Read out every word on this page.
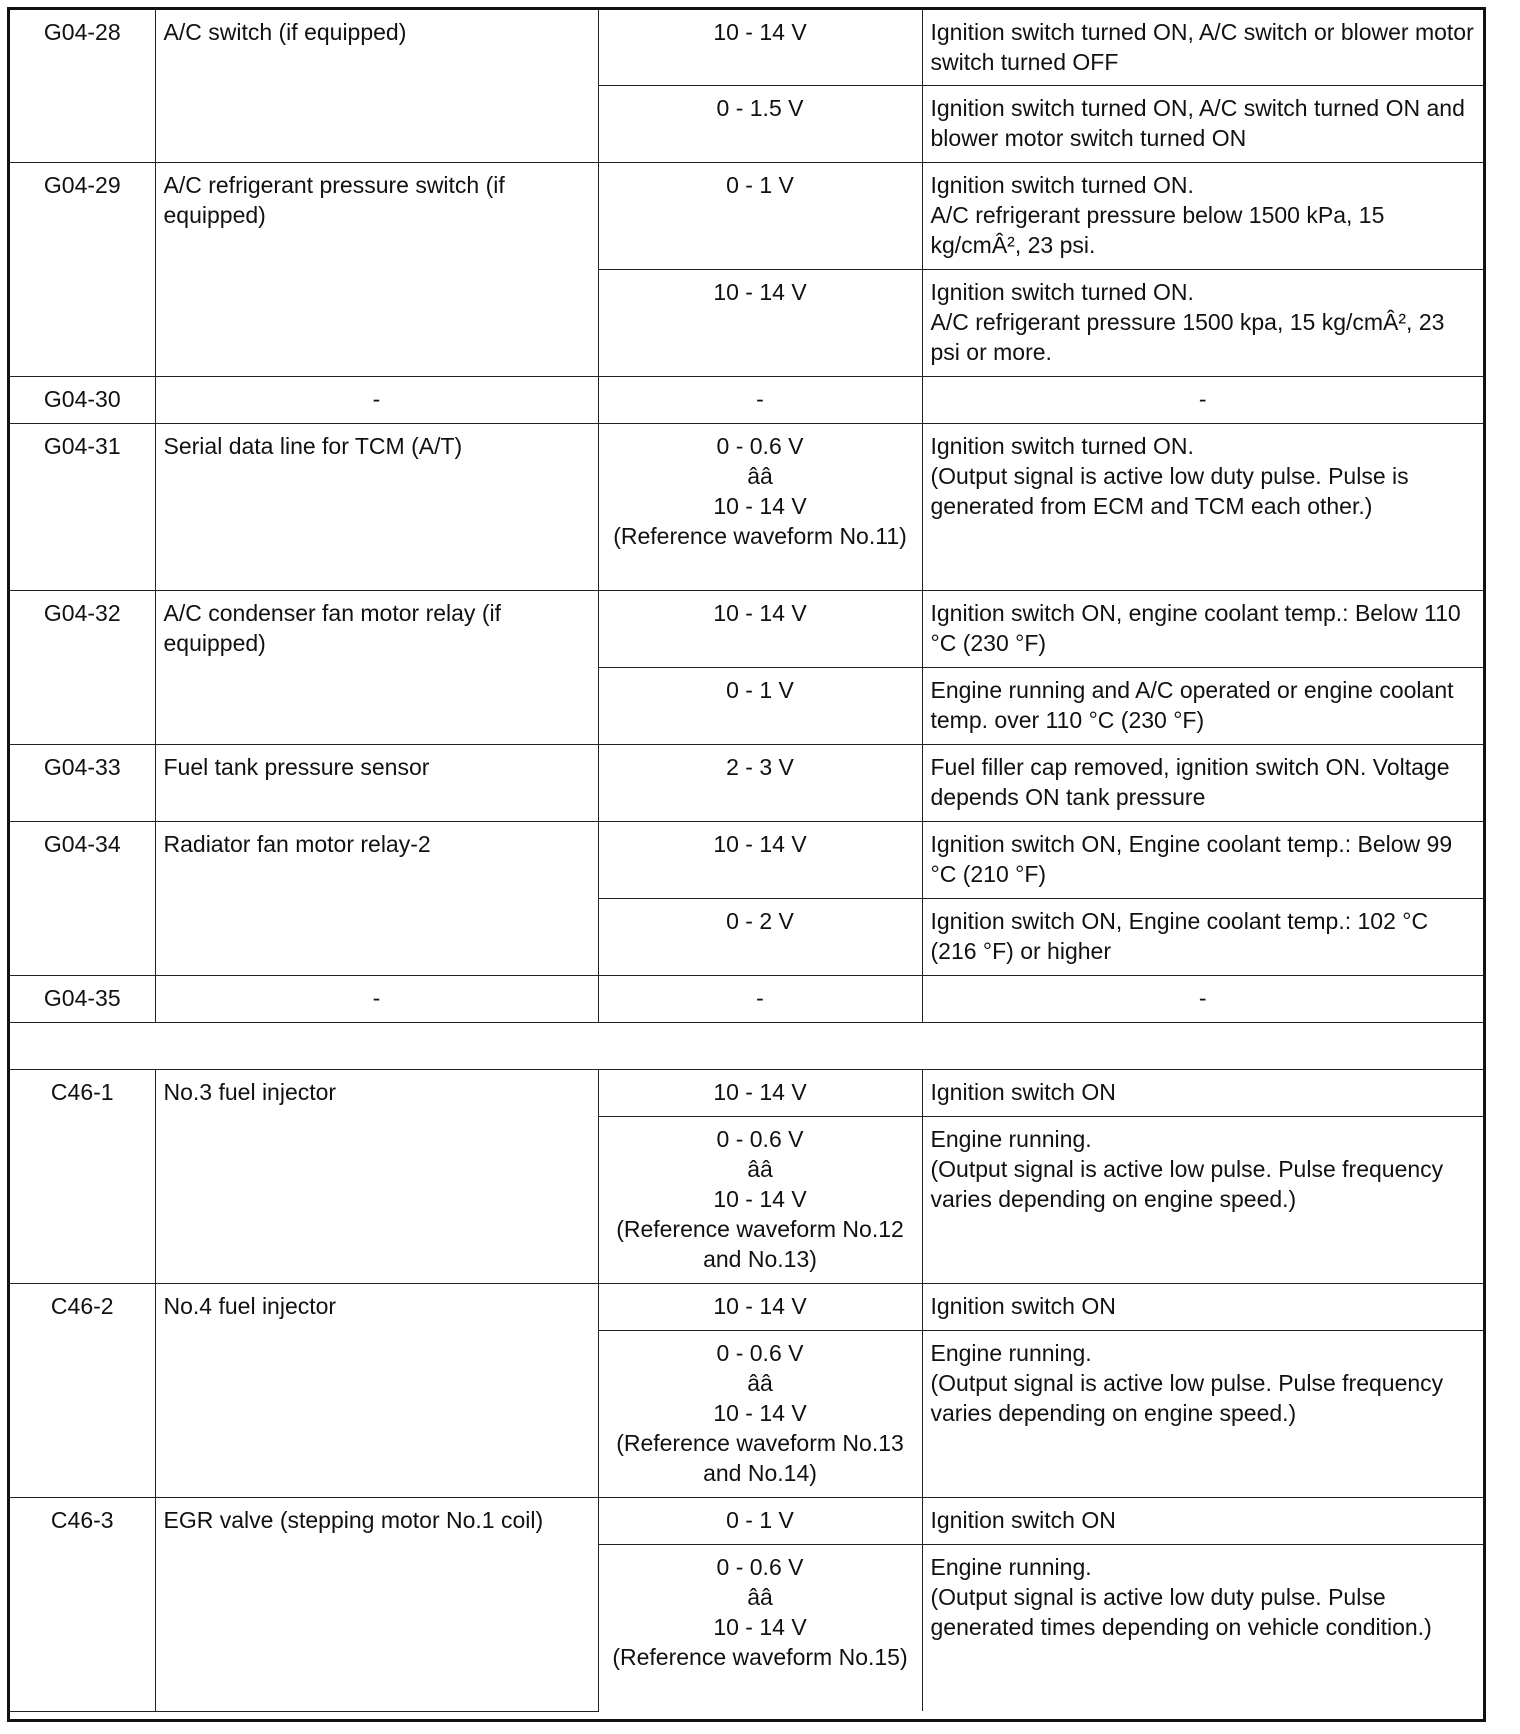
G04-28	A/C switch (if equipped)	10 - 14 V	Ignition switch turned ON, A/C switch or blower motor switch turned OFF
		0 - 1.5 V	Ignition switch turned ON, A/C switch turned ON and blower motor switch turned ON
G04-29	A/C refrigerant pressure switch (if equipped)	0 - 1 V	Ignition switch turned ON.
A/C refrigerant pressure below 1500 kPa, 15 kg/cmÂ², 23 psi.
		10 - 14 V	Ignition switch turned ON.
A/C refrigerant pressure 1500 kpa, 15 kg/cmÂ², 23 psi or more.
G04-30	-	-	-
G04-31	Serial data line for TCM (A/T)	0 - 0.6 V
ââ
10 - 14 V
(Reference waveform No.11)	Ignition switch turned ON.
(Output signal is active low duty pulse. Pulse is generated from ECM and TCM each other.)
G04-32	A/C condenser fan motor relay (if equipped)	10 - 14 V	Ignition switch ON, engine coolant temp.: Below 110 °C (230 °F)
		0 - 1 V	Engine running and A/C operated or engine coolant temp. over 110 °C (230 °F)
G04-33	Fuel tank pressure sensor	2 - 3 V	Fuel filler cap removed, ignition switch ON. Voltage depends ON tank pressure
G04-34	Radiator fan motor relay-2	10 - 14 V	Ignition switch ON, Engine coolant temp.: Below 99 °C (210 °F)
		0 - 2 V	Ignition switch ON, Engine coolant temp.: 102 °C (216 °F) or higher
G04-35	-	-	-

C46-1	No.3 fuel injector	10 - 14 V	Ignition switch ON
		0 - 0.6 V
ââ
10 - 14 V
(Reference waveform No.12 and No.13)	Engine running.
(Output signal is active low pulse. Pulse frequency varies depending on engine speed.)
C46-2	No.4 fuel injector	10 - 14 V	Ignition switch ON
		0 - 0.6 V
ââ
10 - 14 V
(Reference waveform No.13 and No.14)	Engine running.
(Output signal is active low pulse. Pulse frequency varies depending on engine speed.)
C46-3	EGR valve (stepping motor No.1 coil)	0 - 1 V	Ignition switch ON
		0 - 0.6 V
ââ
10 - 14 V
(Reference waveform No.15)	Engine running.
(Output signal is active low duty pulse. Pulse generated times depending on vehicle condition.)
